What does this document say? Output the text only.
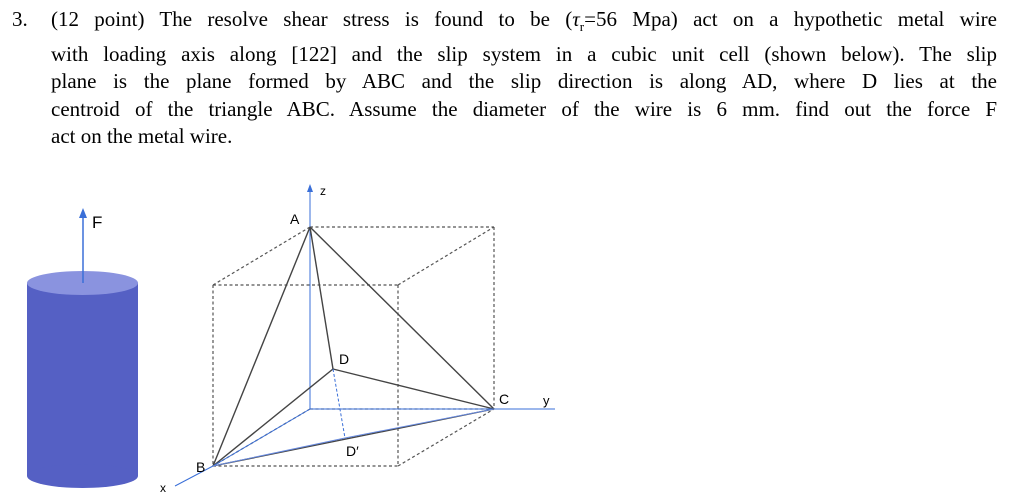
3. (12 point) The resolve shear stress is found to be ($\tau_r=56$ Mpa) act on a hypothetic metal wire
with loading axis along [122] and the slip system in a cubic unit cell (shown below). The slip
plane is the plane formed by ABC and the slip direction is along AD, where D lies at the
centroid of the triangle ABC. Assume the diameter of the wire is 6 mm. find out the force F
act on the metal wire.
F
z
y
x
A
B
C
D
D′
